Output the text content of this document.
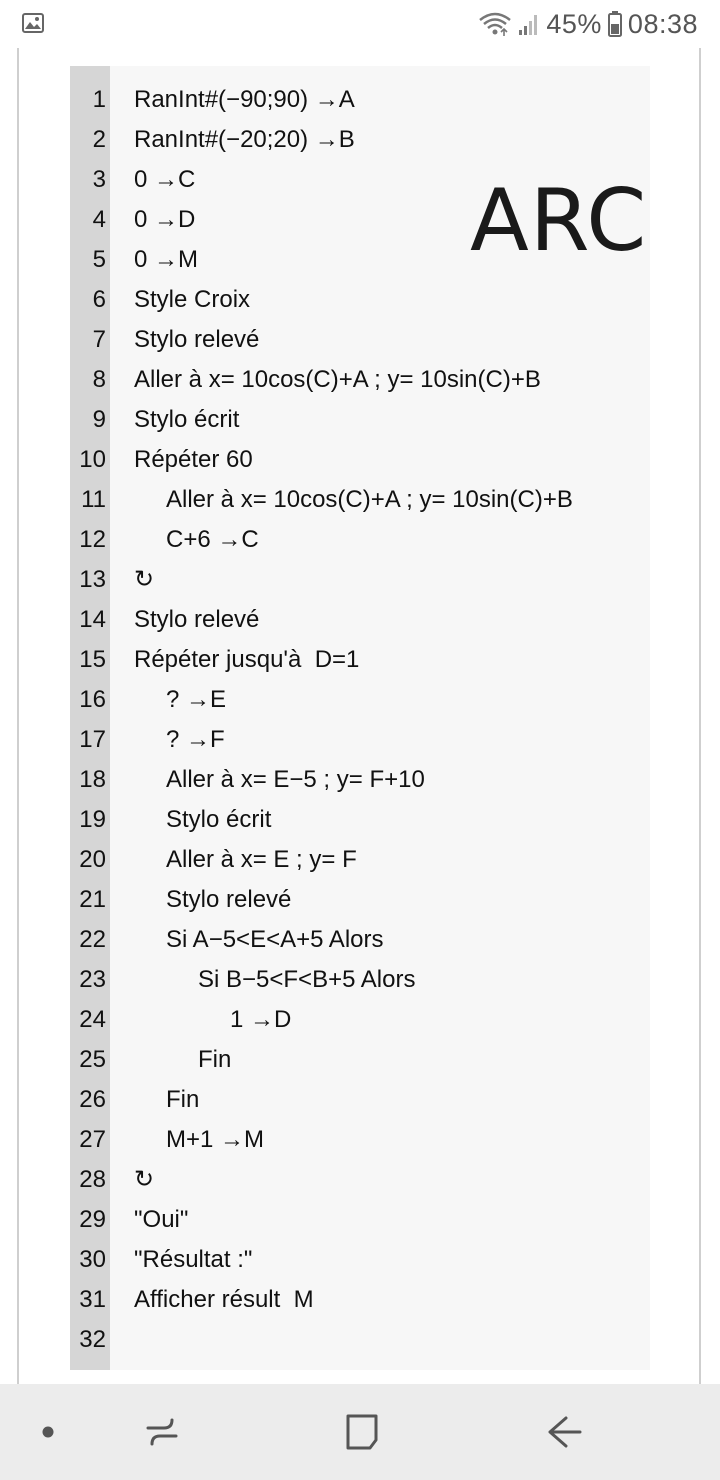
45% 08:38
1 RanInt#(−90;90) →A
2 RanInt#(−20;20) →B
3 0 →C
4 0 →D
5 0 →M
6 Style Croix
7 Stylo relevé
8 Aller à x= 10cos(C)+A ; y= 10sin(C)+B
9 Stylo écrit
10 Répéter 60
11	Aller à x= 10cos(C)+A ; y= 10sin(C)+B
12	C+6 →C
13 ↻
14 Stylo relevé
15 Répéter jusqu'à  D=1
16	? →E
17	? →F
18	Aller à x= E−5 ; y= F+10
19	Stylo écrit
20	Aller à x= E ; y= F
21	Stylo relevé
22	Si A−5<E<A+5 Alors
23	Si B−5<F<B+5 Alors
24	1 →D
25	Fin
26	Fin
27	M+1 →M
28 ↻
29 "Oui"
30 "Résultat :"
31 Afficher résult  M
32
ARC
